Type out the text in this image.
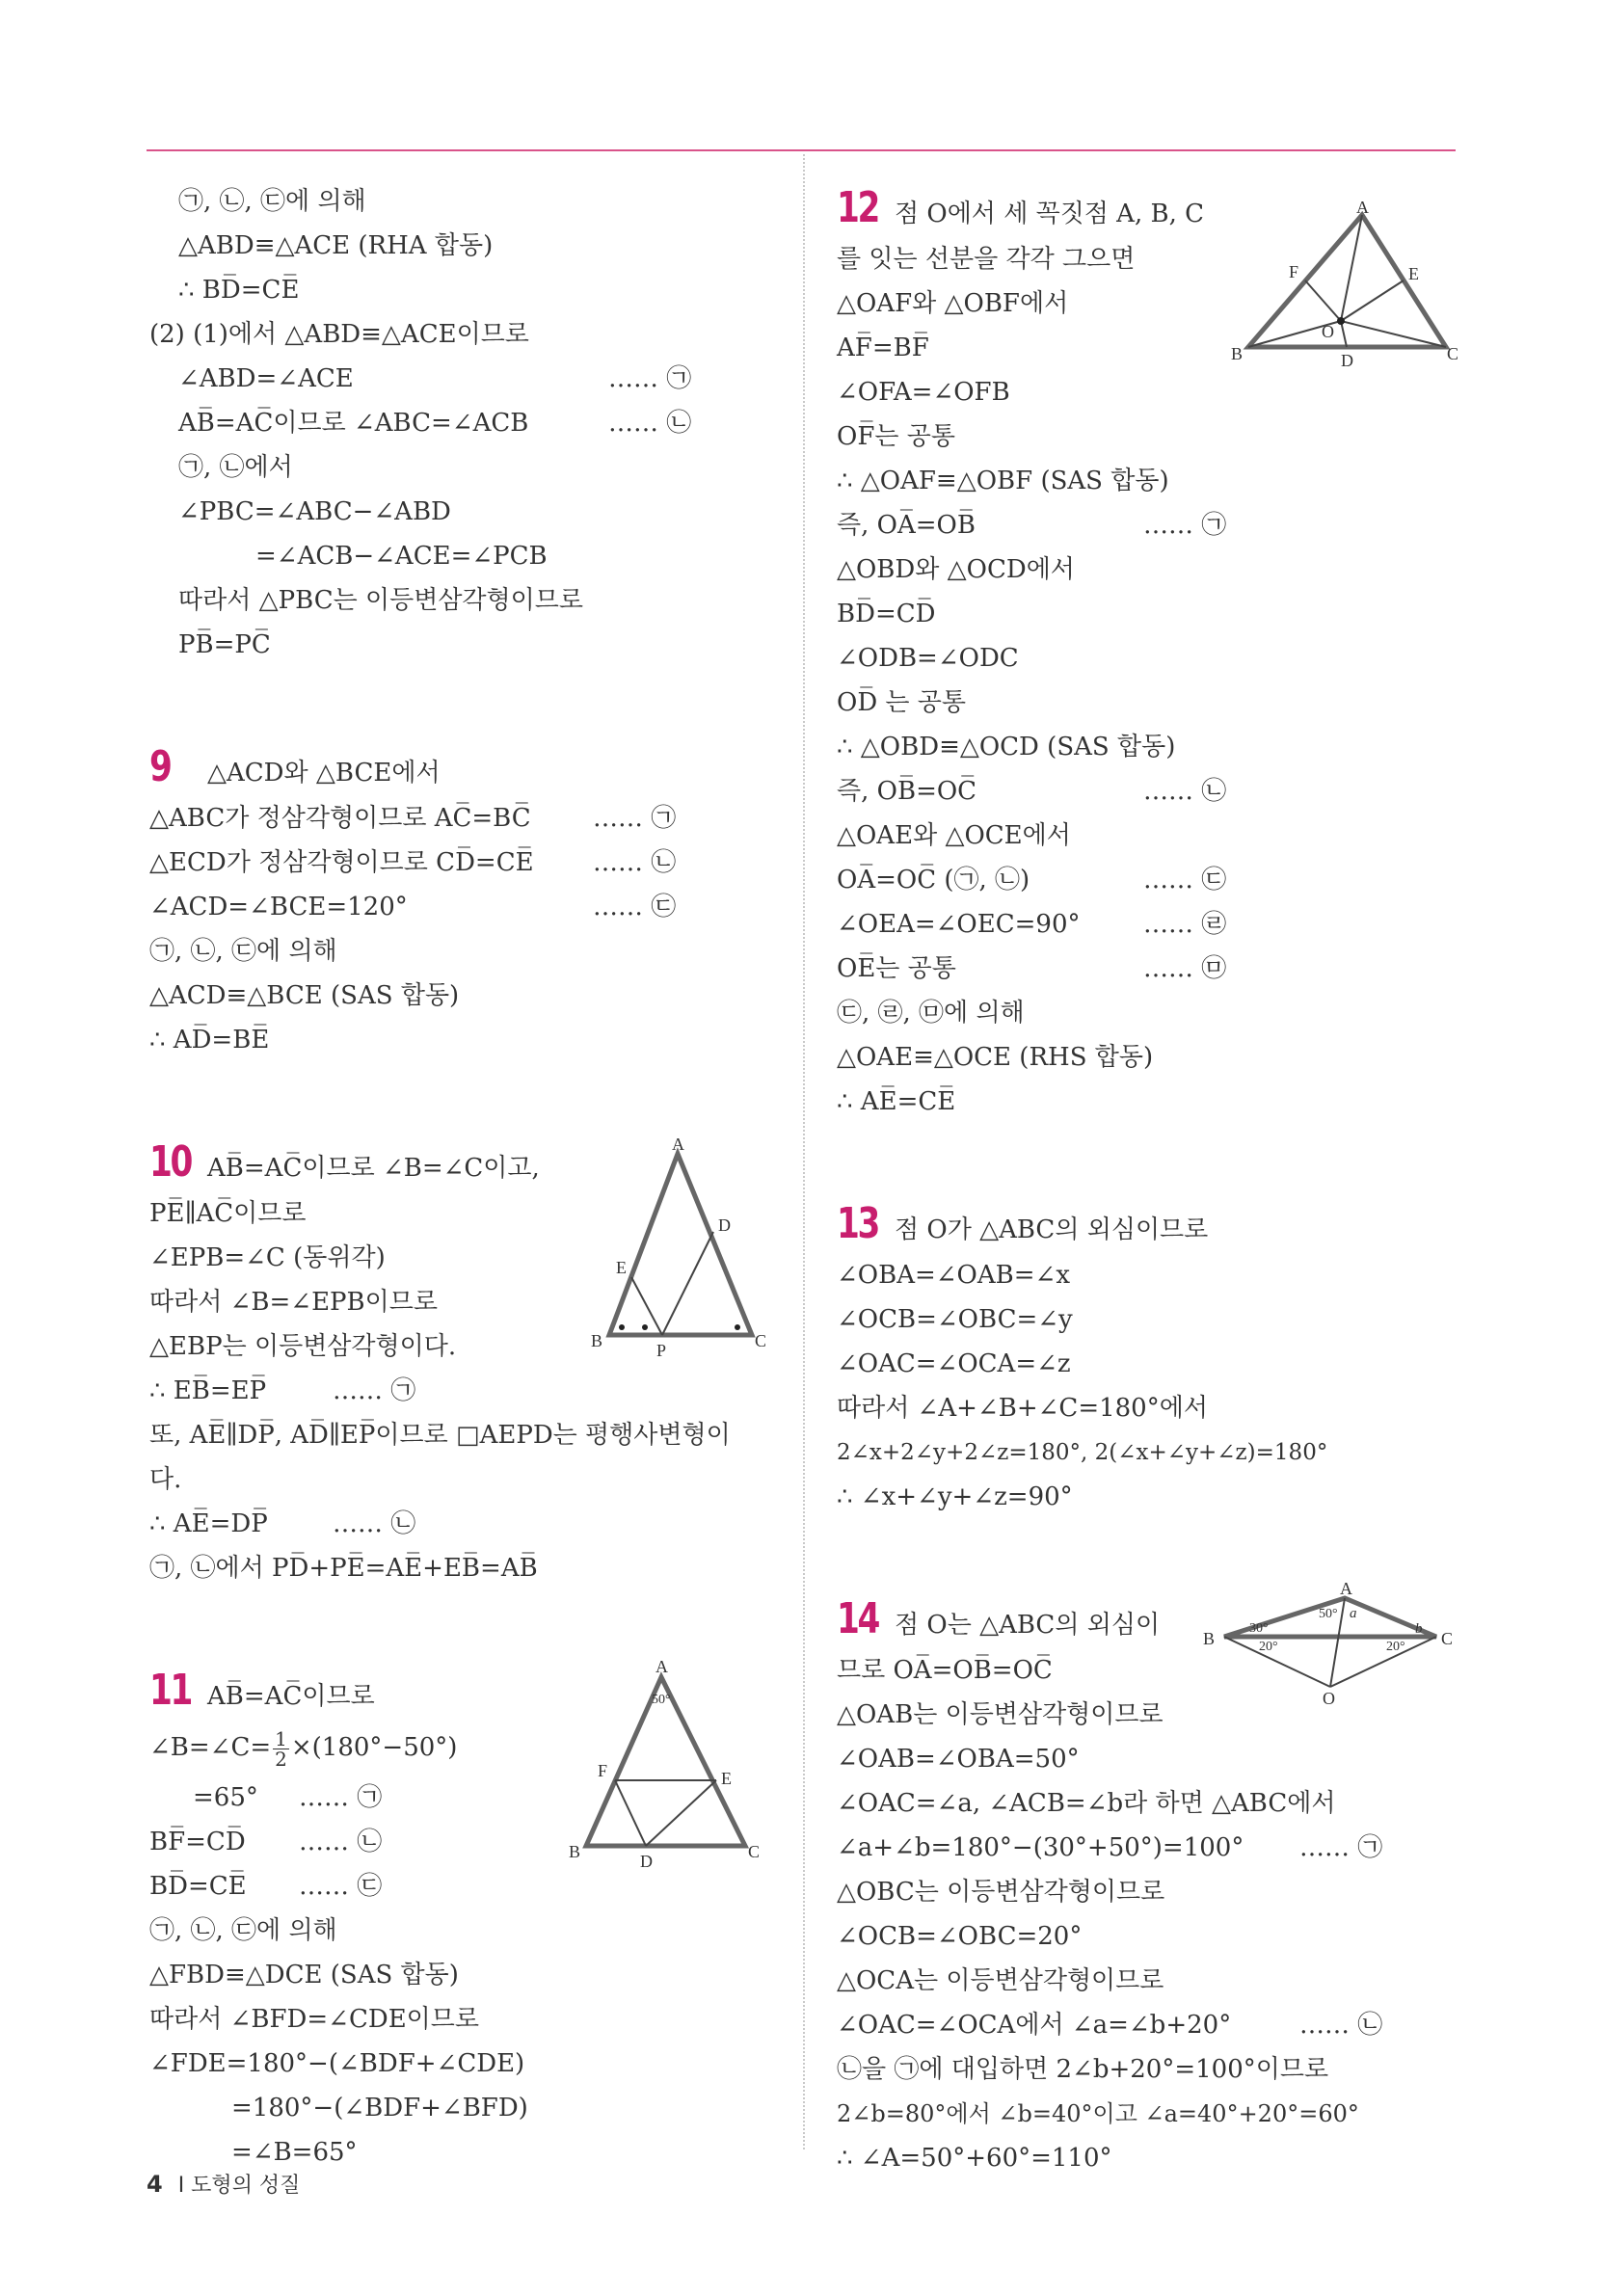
㉠, ㉡, ㉢에 의해
△ABD≡△ACE (RHA 합동)
∴ BD̅=CE̅
(2) (1)에서 △ABD≡△ACE이므로
∠ABD=∠ACE	…… ㉠
AB̅=AC̅이므로 ∠ABC=∠ACB	…… ㉡
㉠, ㉡에서
∠PBC=∠ABC−∠ABD
=∠ACB−∠ACE=∠PCB
따라서 △PBC는 이등변삼각형이므로
PB̅=PC̅
9 △ACD와 △BCE에서
△ABC가 정삼각형이므로 AC̅=BC̅ …… ㉠
△ECD가 정삼각형이므로 CD̅=CE̅ …… ㉡
∠ACD=∠BCE=120°	…… ㉢
㉠, ㉡, ㉢에 의해
△ACD≡△BCE (SAS 합동)
∴ AD̅=BE̅
10 AB̅=AC̅이므로 ∠B=∠C이고,
PE̅∥AC̅이므로
∠EPB=∠C (동위각)
따라서 ∠B=∠EPB이므로
△EBP는 이등변삼각형이다.
∴ EB̅=EP̅	…… ㉠
또, AE̅∥DP̅, AD̅∥EP̅이므로 □AEPD는 평행사변형이
다.
∴ AE̅=DP̅	…… ㉡
㉠, ㉡에서 PD̅+PE̅=AE̅+EB̅=AB̅
11 AB̅=AC̅이므로
∠B=∠C= $\frac{1}{2} \times(180^\circ-50^\circ)$
=65° …… ㉠
BF̅=CD̅ …… ㉡
BD̅=CE̅ …… ㉢
㉠, ㉡, ㉢에 의해
△FBD≡△DCE (SAS 합동)
따라서 ∠BFD=∠CDE이므로
∠FDE=180°−(∠BDF+∠CDE)
=180°−(∠BDF+∠BFD)
=∠B=65°
12 점 O에서 세 꼭짓점 A, B, C
를 잇는 선분을 각각 그으면
△OAF와 △OBF에서
AF̅=BF̅
∠OFA=∠OFB
OF̅는 공통
∴ △OAF≡△OBF (SAS 합동)
즉, OA̅=OB̅	…… ㉠
△OBD와 △OCD에서
BD̅=CD̅
∠ODB=∠ODC
OD̅ 는 공통
∴ △OBD≡△OCD (SAS 합동)
즉, OB̅=OC̅	…… ㉡
△OAE와 △OCE에서
OA̅=OC̅ (㉠, ㉡)	…… ㉢
∠OEA=∠OEC=90°	…… ㉣
OE̅는 공통	…… ㉤
㉢, ㉣, ㉤에 의해
△OAE≡△OCE (RHS 합동)
∴ AE̅=CE̅
13 점 O가 △ABC의 외심이므로
∠OBA=∠OAB=∠x
∠OCB=∠OBC=∠y
∠OAC=∠OCA=∠z
따라서 ∠A+∠B+∠C=180°에서
2∠x+2∠y+2∠z=180°, 2(∠x+∠y+∠z)=180°
∴ ∠x+∠y+∠z=90°
14 점 O는 △ABC의 외심이
므로 OA̅=OB̅=OC̅
△OAB는 이등변삼각형이므로
∠OAB=∠OBA=50°
∠OAC=∠a, ∠ACB=∠b라 하면 △ABC에서
∠a+∠b=180°−(30°+50°)=100° …… ㉠
△OBC는 이등변삼각형이므로
∠OCB=∠OBC=20°
△OCA는 이등변삼각형이므로
∠OAC=∠OCA에서 ∠a=∠b+20°	…… ㉡
㉡을 ㉠에 대입하면 2∠b+20°=100°이므로
2∠b=80°에서 ∠b=40°이고 ∠a=40°+20°=60°
∴ ∠A=50°+60°=110°
A
B	C
D
E
F
O
A
B	C
D
E
P
A
50°
B	C
D
E
F
A
B	C
O
50° a
30°
20°	20°
b
4 Ⅰ 도형의 성질
